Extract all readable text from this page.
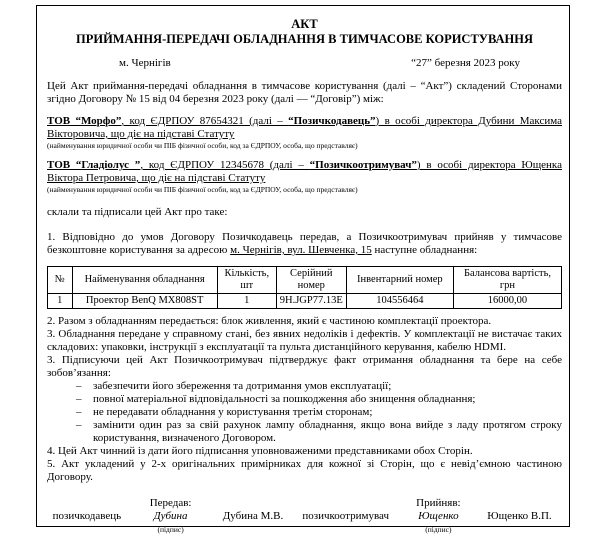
АКТ
ПРИЙМАННЯ-ПЕРЕДАЧІ ОБЛАДНАННЯ В ТИМЧАСОВЕ КОРИСТУВАННЯ
м. Чернігів	“27” березня 2023 року

Цей Акт приймання-передачі обладнання в тимчасове користування (далі – “Акт”) складений Сторонами згідно Договору № 15 від 04 березня 2023 року (далі — “Договір”) між:

ТОВ “Морфо”, код ЄДРПОУ 87654321 (далі – “Позичкодавець”) в особі директора Дубини Максима Вікторовича, що діє на підставі Статуту

(найменування юридичної особи чи ПІБ фізичної особи, код за ЄДРПОУ, особа, що представляє)

ТОВ “Гладіолус ”, код ЄДРПОУ 12345678 (далі – “Позичкоотримувач”) в особі директора Ющенка Віктора Петровича, що діє на підставі Статуту

(найменування юридичної особи чи ПІБ фізичної особи, код за ЄДРПОУ, особа, що представляє)

склали та підписали цей Акт про таке:

1. Відповідно до умов Договору Позичкодавець передав, а Позичкоотримувач прийняв у тимчасове безкоштовне користування за адресою м. Чернігів, вул. Шевченка, 15 наступне обладнання:

№	Найменування обладнання	Кількість, шт	Серійний номер	Інвентарний номер	Балансова вартість, грн
1	Проектор BenQ MX808ST	1	9H.JGP77.13E	104556464	16000,00

2. Разом з обладнанням передається: блок живлення, який є частиною комплектації проектора.

3. Обладнання передане у справному стані, без явних недоліків і дефектів. У комплектації не вистачає таких складових: упаковки, інструкції з експлуатації та пульта дистанційного керування, кабелю HDMI.

3. Підписуючи цей Акт Позичкоотримувач підтверджує факт отримання обладнання та бере на себе зобов’язання:

–	забезпечити його збереження та дотримання умов експлуатації;
–	повної матеріальної відповідальності за пошкодження або знищення обладнання;
–	не передавати обладнання у користування третім сторонам;
–	замінити один раз за свій рахунок лампу обладнання, якщо вона вийде з ладу протягом строку користування, визначеного Договором.

4. Цей Акт чинний із дати його підписання уповноваженими представниками обох Сторін.

5. Акт укладений у 2-х оригінальних примірниках для кожної зі Сторін, що є невід’ємною частиною Договору.

Передав:	Прийняв:
позичкодавець	Дубина	Дубина М.В.	позичкоотримувач	Ющенко	Ющенко В.П.
(підпис)	(підпис)
